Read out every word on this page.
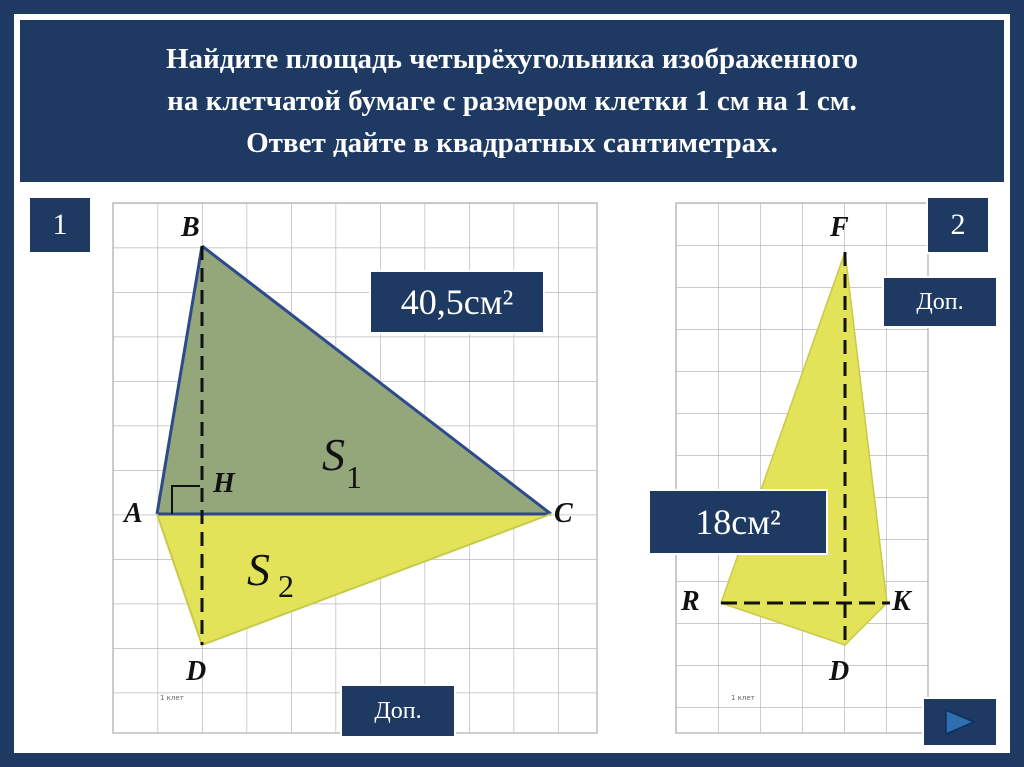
1
Найдите площадь четырёхугольника изображенного
на клетчатой бумаге с размером клетки 1 см на 1 см.
Ответ дайте в квадратных сантиметрах.
1	2
B
A
H
C
D
S
S 2
1 клет
F
R	K
D
1 клет
40,5см²
18см²
Доп.
Доп.
